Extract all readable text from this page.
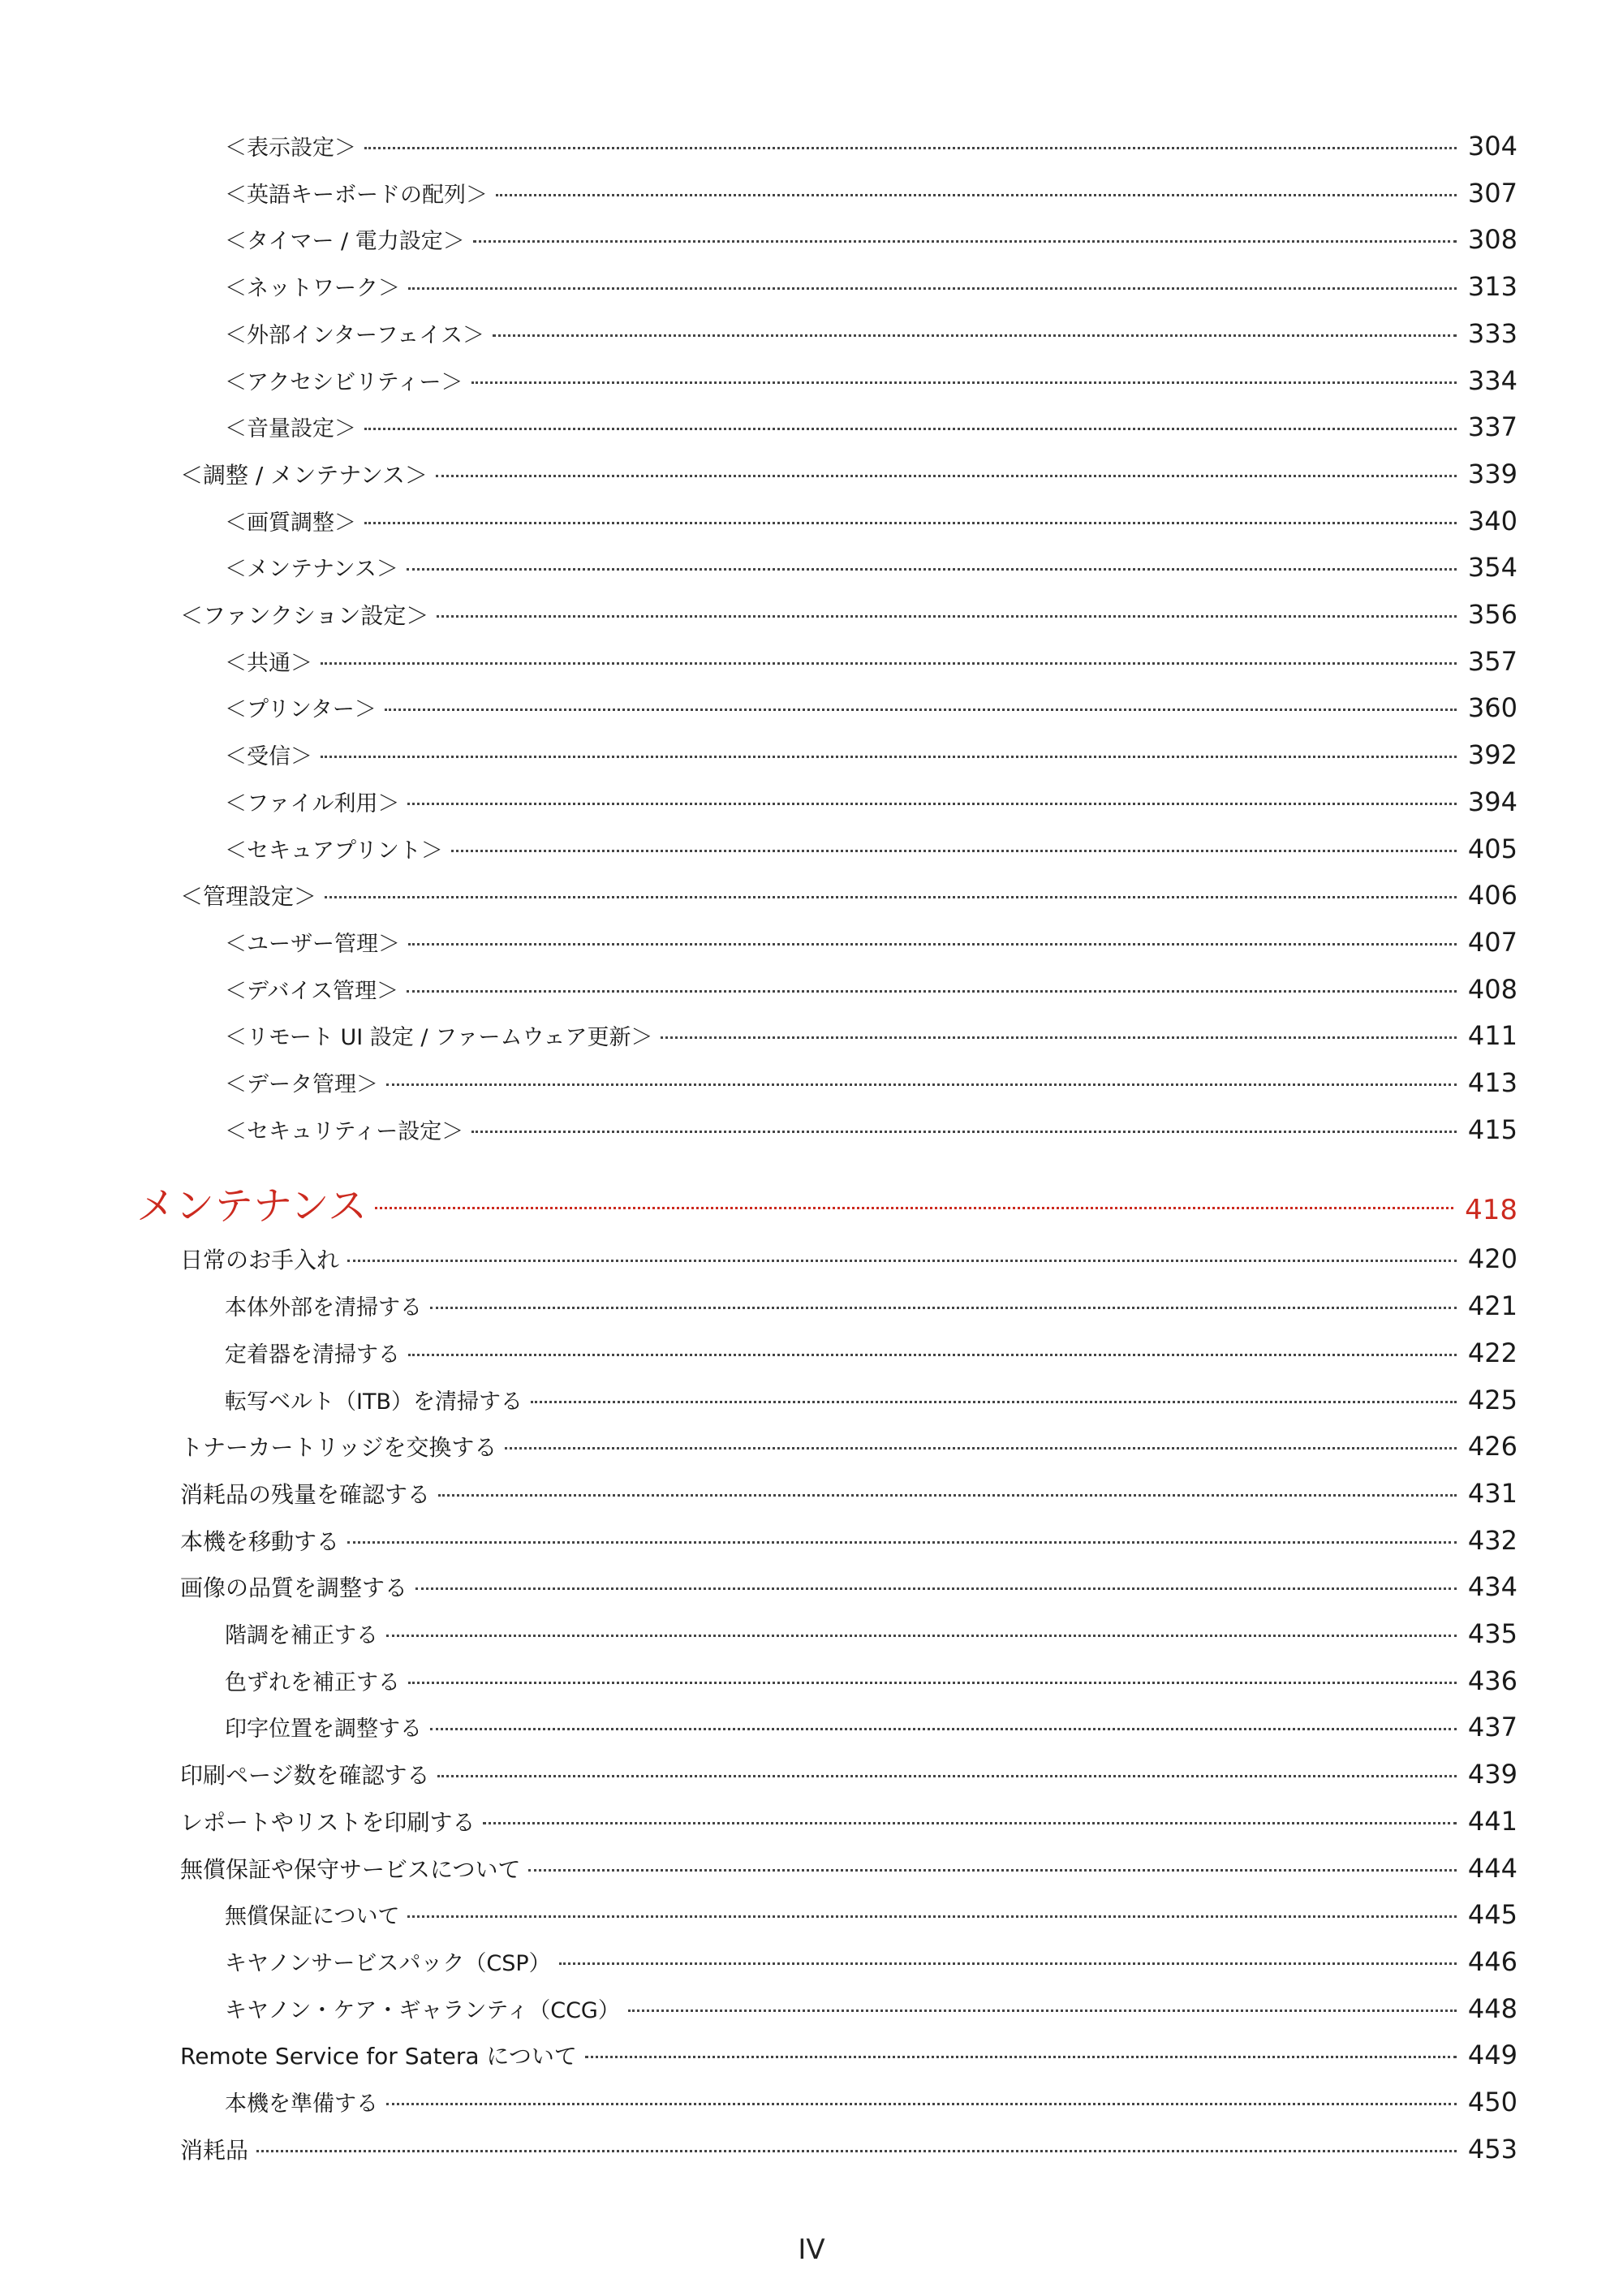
＜表示設定＞	304
＜英語キーボードの配列＞	307
＜タイマー / 電力設定＞	308
＜ネットワーク＞	313
＜外部インターフェイス＞	333
＜アクセシビリティー＞	334
＜音量設定＞	337
＜調整 / メンテナンス＞	339
＜画質調整＞	340
＜メンテナンス＞	354
＜ファンクション設定＞	356
＜共通＞	357
＜プリンター＞	360
＜受信＞	392
＜ファイル利用＞	394
＜セキュアプリント＞	405
＜管理設定＞	406
＜ユーザー管理＞	407
＜デバイス管理＞	408
＜リモート UI 設定 / ファームウェア更新＞	411
＜データ管理＞	413
＜セキュリティー設定＞	415
メンテナンス	418
日常のお手入れ	420
本体外部を清掃する	421
定着器を清掃する	422
転写ベルト（ITB）を清掃する	425
トナーカートリッジを交換する	426
消耗品の残量を確認する	431
本機を移動する	432
画像の品質を調整する	434
階調を補正する	435
色ずれを補正する	436
印字位置を調整する	437
印刷ページ数を確認する	439
レポートやリストを印刷する	441
無償保証や保守サービスについて	444
無償保証について	445
キヤノンサービスパック（CSP）	446
キヤノン・ケア・ギャランティ（CCG）	448
Remote Service for Satera について	449
本機を準備する	450
消耗品	453
IV
